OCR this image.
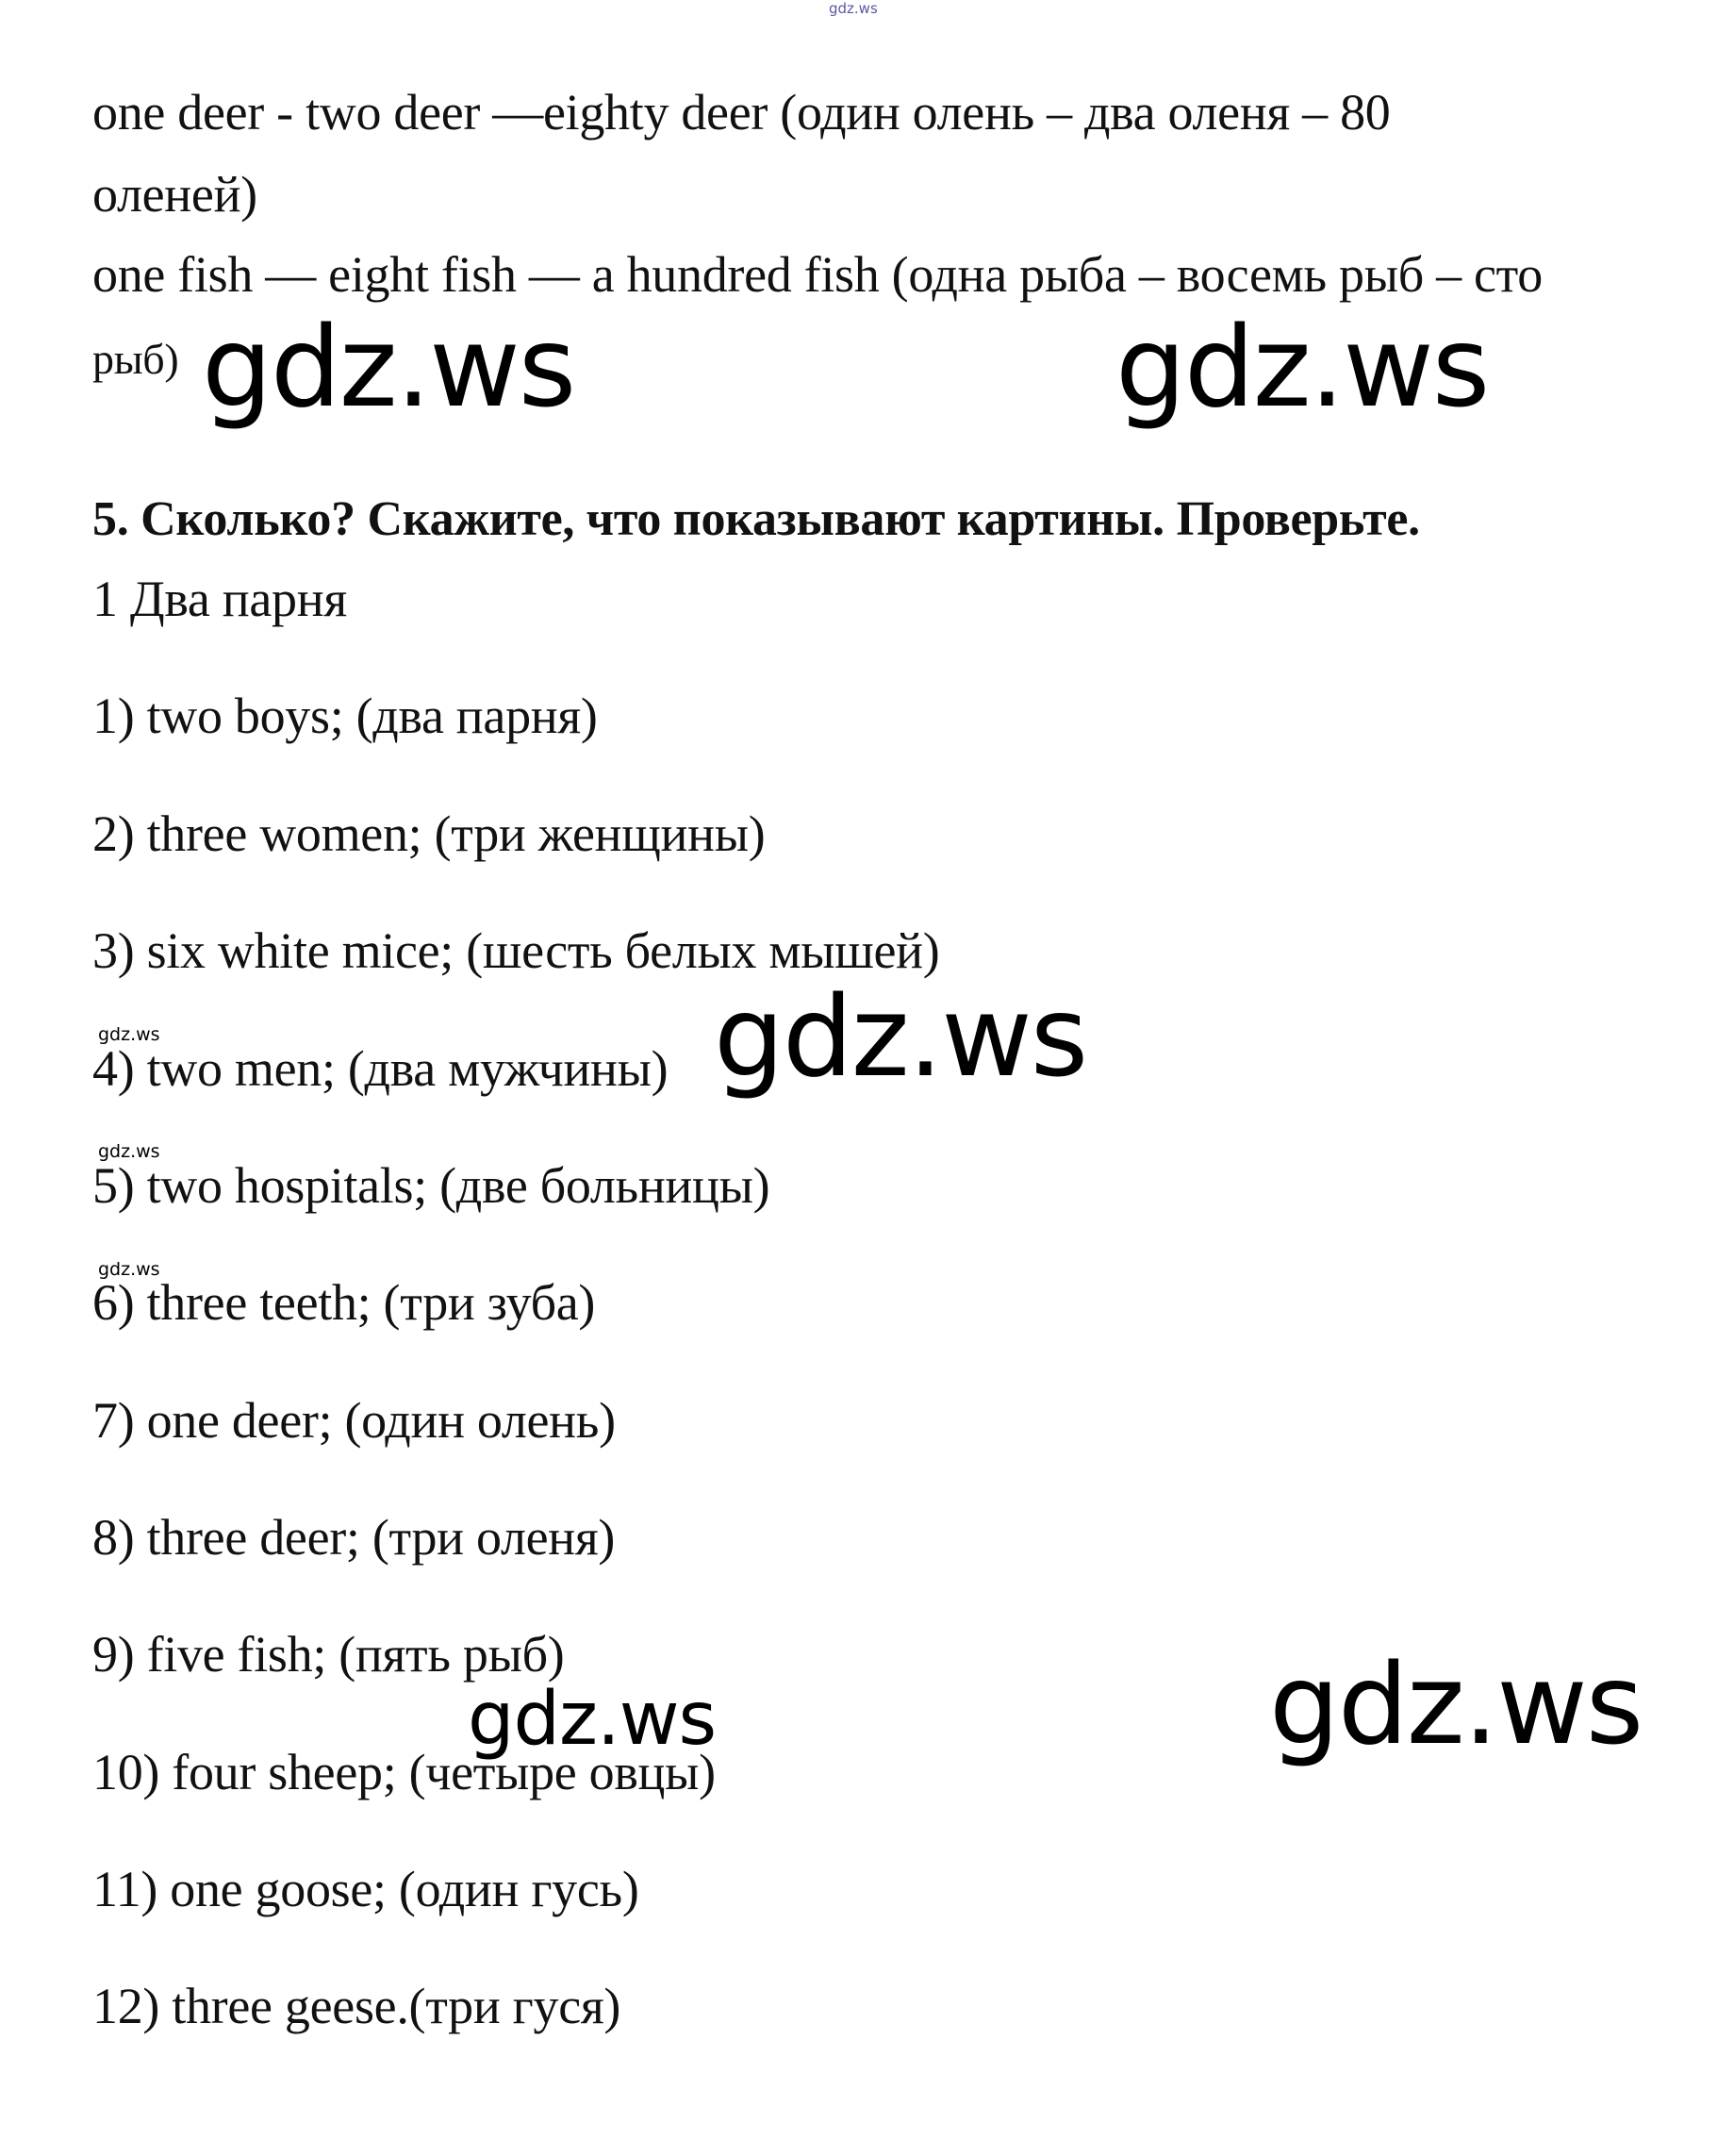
gdz.ws
one deer - two deer —eighty deer (один олень – два оленя – 80
оленей)
one fish — eight fish — a hundred fish (одна рыба – восемь рыб – сто
рыб) gdz.ws	gdz.ws
5. Сколько? Скажите, что показывают картины. Проверьте.
1 Два парня
1) two boys; (два парня)
2) three women; (три женщины)
3) six white mice; (шесть белых мышей)
gdz.ws
4) two men; (два мужчины) gdz.ws
gdz.ws
5) two hospitals; (две больницы)
gdz.ws
6) three teeth; (три зуба)
7) one deer; (один олень)
8) three deer; (три оленя)
9) five fish; (пять рыб)
gdz.ws	gdz.ws
10) four sheep; (четыре овцы)
11) one goose; (один гусь)
12) three geese.(три гуся)
